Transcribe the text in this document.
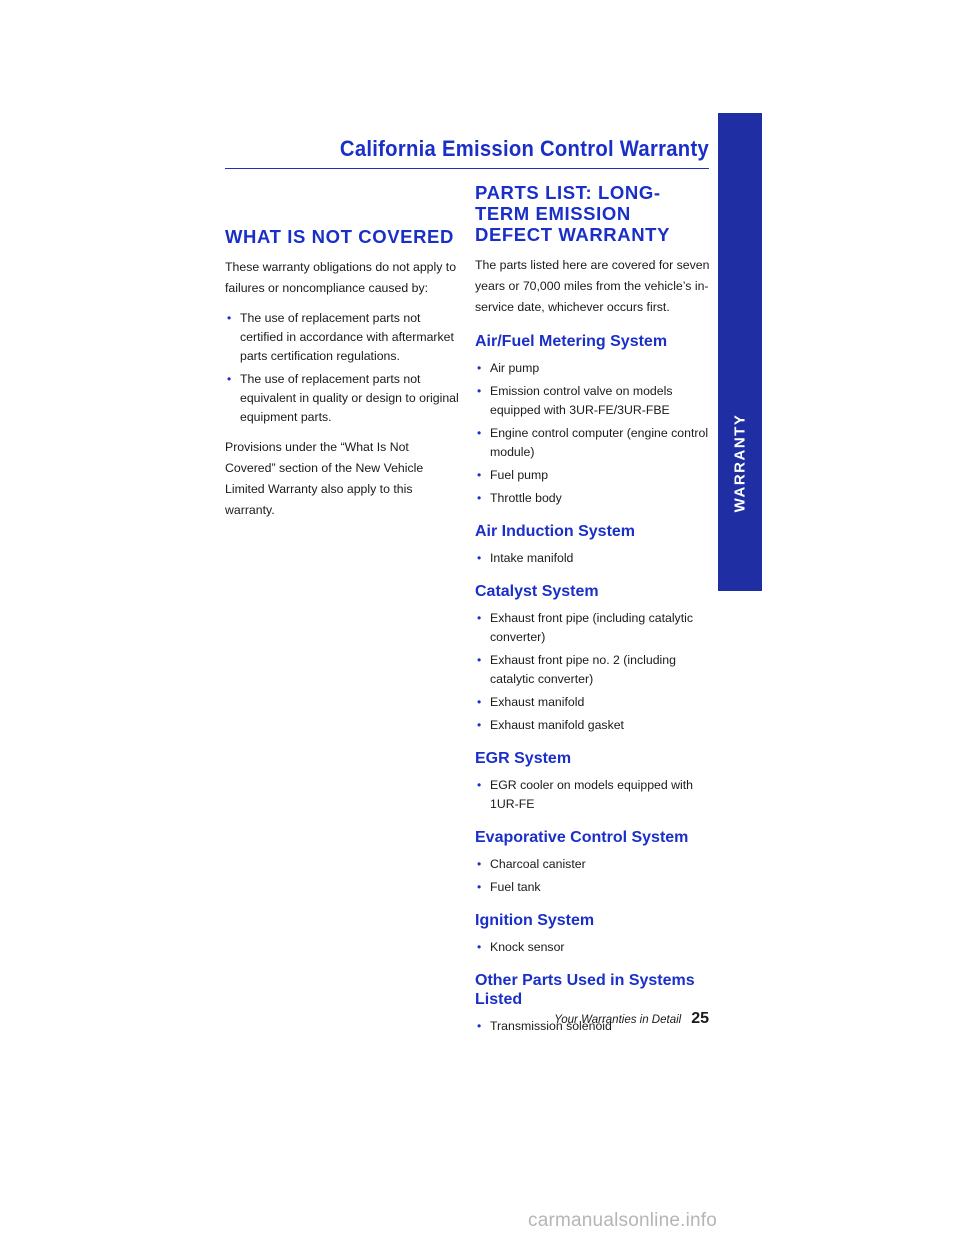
California Emission Control Warranty
WARRANTY
WHAT IS NOT COVERED

These warranty obligations do not apply to failures or noncompliance caused by:

• The use of replacement parts not certified in accordance with aftermarket parts certification regulations.
• The use of replacement parts not equivalent in quality or design to original equipment parts.

Provisions under the “What Is Not Covered” section of the New Vehicle Limited Warranty also apply to this warranty.

PARTS LIST: LONG-TERM EMISSION DEFECT WARRANTY

The parts listed here are covered for seven years or 70,000 miles from the vehicle’s in-service date, whichever occurs first.

Air/Fuel Metering System
• Air pump
• Emission control valve on models equipped with 3UR-FE/3UR-FBE
• Engine control computer (engine control module)
• Fuel pump
• Throttle body
Air Induction System
• Intake manifold
Catalyst System
• Exhaust front pipe (including catalytic converter)
• Exhaust front pipe no. 2 (including catalytic converter)
• Exhaust manifold
• Exhaust manifold gasket
EGR System
• EGR cooler on models equipped with 1UR-FE
Evaporative Control System
• Charcoal canister
• Fuel tank
Ignition System
• Knock sensor
Other Parts Used in Systems Listed
• Transmission solenoid
Your Warranties in Detail 25
carmanualsonline.info
